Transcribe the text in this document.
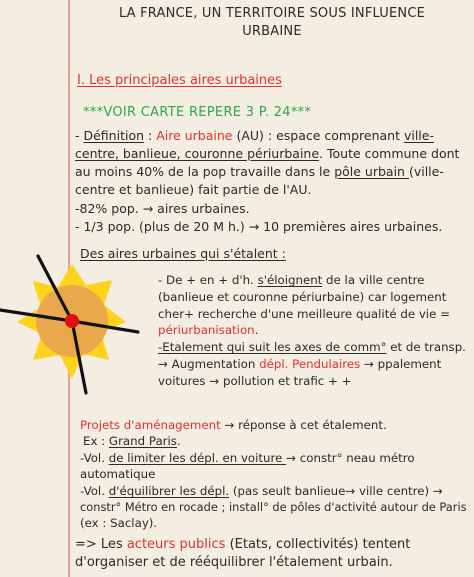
LA FRANCE, UN TERRITOIRE SOUS INFLUENCE
URBAINE
I. Les principales aires urbaines
***VOIR CARTE REPERE 3 P. 24***
- Définition : Aire urbaine (AU) : espace comprenant ville-
centre, banlieue, couronne périurbaine. Toute commune dont
au moins 40% de la pop travaille dans le pôle urbain (ville-
centre et banlieue) fait partie de l'AU.
-82% pop. → aires urbaines.
- 1/3 pop. (plus de 20 M h.) → 10 premières aires urbaines.
Des aires urbaines qui s'étalent :
- De + en + d'h. s'éloignent de la ville centre
(banlieue et couronne périurbaine) car logement
cher+ recherche d'une meilleure qualité de vie =
périurbanisation.
-Etalement qui suit les axes de comm° et de transp.
→ Augmentation dépl. Pendulaires → ppalement
voitures → pollution et trafic + +
Projets d'aménagement → réponse à cet étalement.
Ex : Grand Paris.
-Vol. de limiter les dépl. en voiture → constr° neau métro
automatique
-Vol. d'équilibrer les dépl. (pas seult banlieue→ ville centre) →
constr° Métro en rocade ; install° de pôles d'activité autour de Paris
(ex : Saclay).
=> Les acteurs publics (Etats, collectivités) tentent
d'organiser et de rééquilibrer l'étalement urbain.
